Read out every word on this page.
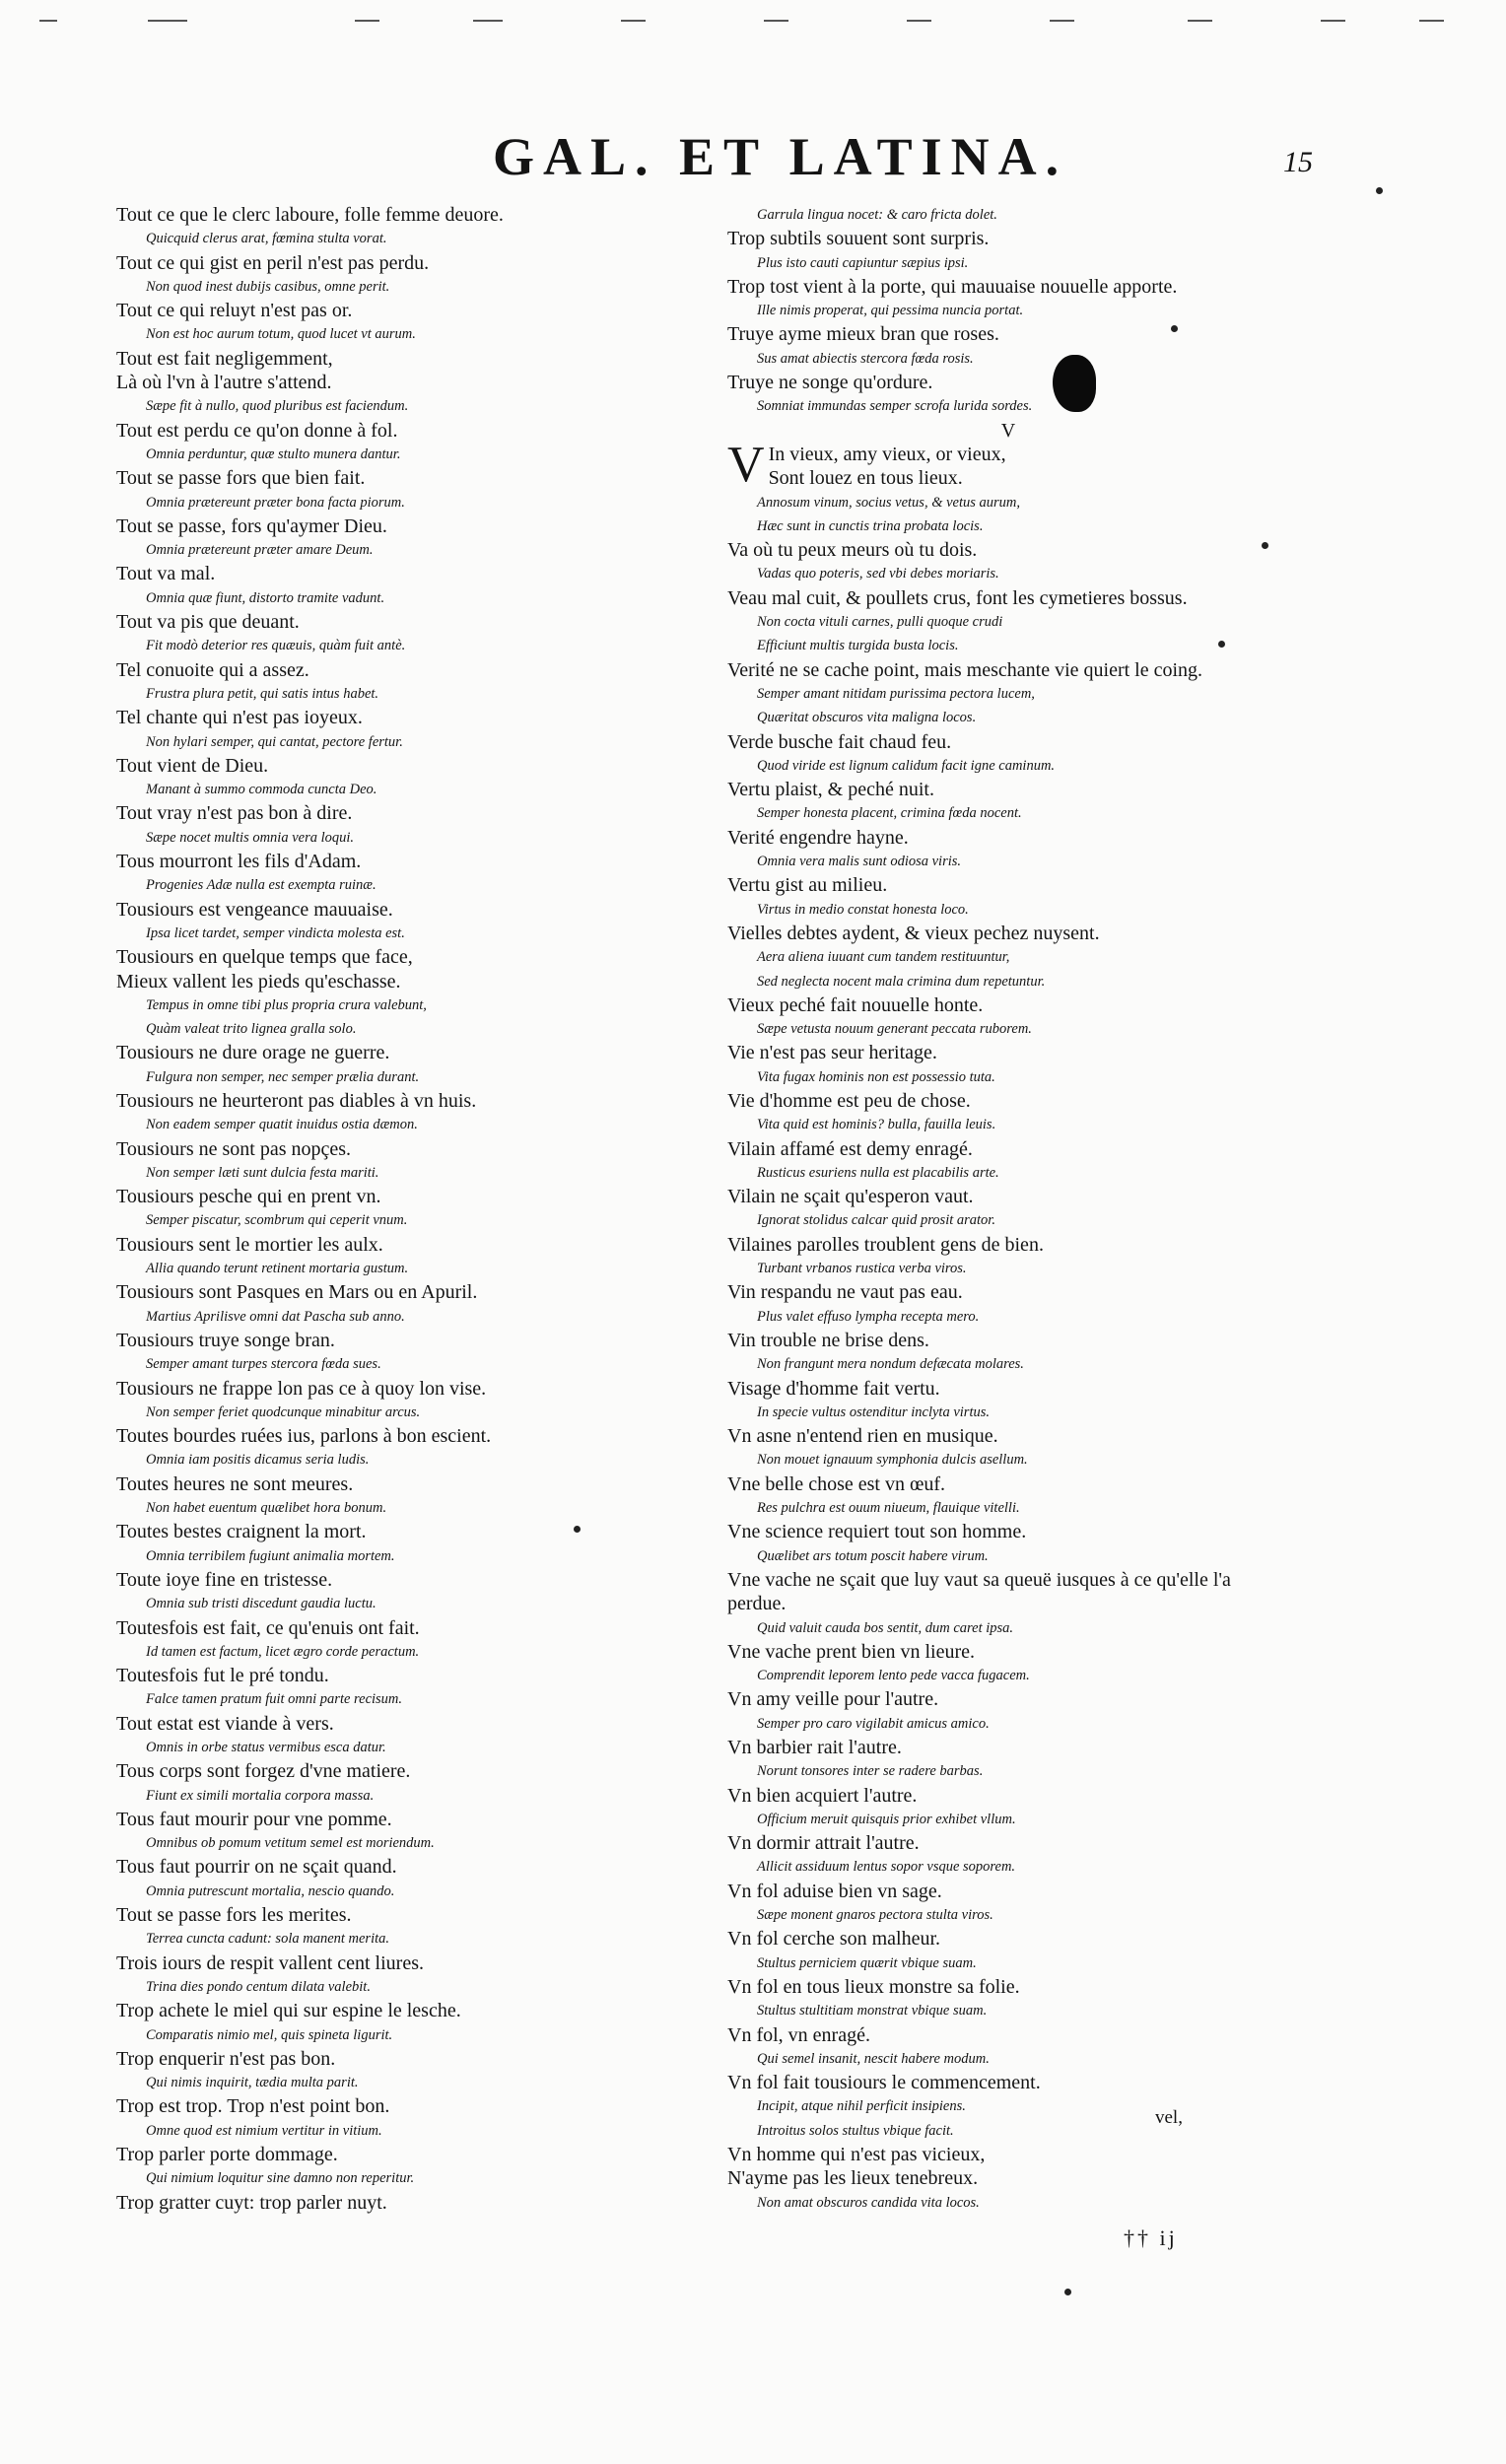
GAL. ET LATINA.	15
Tout ce que le clerc laboure, folle femme deuore.
Quicquid clerus arat, fœmina stulta vorat.
Tout ce qui gist en peril n'est pas perdu.
Non quod inest dubijs casibus, omne perit.
Tout ce qui reluyt n'est pas or.
Non est hoc aurum totum, quod lucet vt aurum.
Tout est fait negligemment,
Là où l'vn à l'autre s'attend.
Sæpe fit à nullo, quod pluribus est faciendum.
Tout est perdu ce qu'on donne à fol.
Omnia perduntur, quæ stulto munera dantur.
Tout se passe fors que bien fait.
Omnia prætereunt præter bona facta piorum.
Tout se passe, fors qu'aymer Dieu.
Omnia prætereunt præter amare Deum.
Tout va mal.
Omnia quæ fiunt, distorto tramite vadunt.
Tout va pis que deuant.
Fit modò deterior res quæuis, quàm fuit antè.
Tel conuoite qui a assez.
Frustra plura petit, qui satis intus habet.
Tel chante qui n'est pas ioyeux.
Non hylari semper, qui cantat, pectore fertur.
Tout vient de Dieu.
Manant à summo commoda cuncta Deo.
Tout vray n'est pas bon à dire.
Sæpe nocet multis omnia vera loqui.
Tous mourront les fils d'Adam.
Progenies Adæ nulla est exempta ruinæ.
Tousiours est vengeance mauuaise.
Ipsa licet tardet, semper vindicta molesta est.
Tousiours en quelque temps que face,
Mieux vallent les pieds qu'eschasse.
Tempus in omne tibi plus propria crura valebunt,
Quàm valeat trito lignea gralla solo.
Tousiours ne dure orage ne guerre.
Fulgura non semper, nec semper prælia durant.
Tousiours ne heurteront pas diables à vn huis.
Non eadem semper quatit inuidus ostia dæmon.
Tousiours ne sont pas nopçes.
Non semper læti sunt dulcia festa mariti.
Tousiours pesche qui en prent vn.
Semper piscatur, scombrum qui ceperit vnum.
Tousiours sent le mortier les aulx.
Allia quando terunt retinent mortaria gustum.
Tousiours sont Pasques en Mars ou en Apuril.
Martius Aprilisve omni dat Pascha sub anno.
Tousiours truye songe bran.
Semper amant turpes stercora fœda sues.
Tousiours ne frappe lon pas ce à quoy lon vise.
Non semper feriet quodcunque minabitur arcus.
Toutes bourdes ruées ius, parlons à bon escient.
Omnia iam positis dicamus seria ludis.
Toutes heures ne sont meures.
Non habet euentum quælibet hora bonum.
Toutes bestes craignent la mort.
Omnia terribilem fugiunt animalia mortem.
Toute ioye fine en tristesse.
Omnia sub tristi discedunt gaudia luctu.
Toutesfois est fait, ce qu'enuis ont fait.
Id tamen est factum, licet ægro corde peractum.
Toutesfois fut le pré tondu.
Falce tamen pratum fuit omni parte recisum.
Tout estat est viande à vers.
Omnis in orbe status vermibus esca datur.
Tous corps sont forgez d'vne matiere.
Fiunt ex simili mortalia corpora massa.
Tous faut mourir pour vne pomme.
Omnibus ob pomum vetitum semel est moriendum.
Tous faut pourrir on ne sçait quand.
Omnia putrescunt mortalia, nescio quando.
Tout se passe fors les merites.
Terrea cuncta cadunt: sola manent merita.
Trois iours de respit vallent cent liures.
Trina dies pondo centum dilata valebit.
Trop achete le miel qui sur espine le lesche.
Comparatis nimio mel, quis spineta ligurit.
Trop enquerir n'est pas bon.
Qui nimis inquirit, tædia multa parit.
Trop est trop. Trop n'est point bon.
Omne quod est nimium vertitur in vitium.
Trop parler porte dommage.
Qui nimium loquitur sine damno non reperitur.
Trop gratter cuyt: trop parler nuyt.
Garrula lingua nocet: & caro fricta dolet.
Trop subtils souuent sont surpris.
Plus isto cauti capiuntur sæpius ipsi.
Trop tost vient à la porte, qui mauuaise nouuelle apporte.
Ille nimis properat, qui pessima nuncia portat.
Truye ayme mieux bran que roses.
Sus amat abiectis stercora fœda rosis.
Truye ne songe qu'ordure.
Somniat immundas semper scrofa lurida sordes.
V
V In vieux, amy vieux, or vieux,
Sont louez en tous lieux.
Annosum vinum, socius vetus, & vetus aurum,
Hæc sunt in cunctis trina probata locis.
Va où tu peux meurs où tu dois.
Vadas quo poteris, sed vbi debes moriaris.
Veau mal cuit, & poullets crus, font les cymetieres bossus.
Non cocta vituli carnes, pulli quoque crudi
Efficiunt multis turgida busta locis.
Verité ne se cache point, mais meschante vie quiert le coing.
Semper amant nitidam purissima pectora lucem,
Quæritat obscuros vita maligna locos.
Verde busche fait chaud feu.
Quod viride est lignum calidum facit igne caminum.
Vertu plaist, & peché nuit.
Semper honesta placent, crimina fœda nocent.
Verité engendre hayne.
Omnia vera malis sunt odiosa viris.
Vertu gist au milieu.
Virtus in medio constat honesta loco.
Vielles debtes aydent, & vieux pechez nuysent.
Aera aliena iuuant cum tandem restituuntur,
Sed neglecta nocent mala crimina dum repetuntur.
Vieux peché fait nouuelle honte.
Sæpe vetusta nouum generant peccata ruborem.
Vie n'est pas seur heritage.
Vita fugax hominis non est possessio tuta.
Vie d'homme est peu de chose.
Vita quid est hominis? bulla, fauilla leuis.
Vilain affamé est demy enragé.
Rusticus esuriens nulla est placabilis arte.
Vilain ne sçait qu'esperon vaut.
Ignorat stolidus calcar quid prosit arator.
Vilaines parolles troublent gens de bien.
Turbant vrbanos rustica verba viros.
Vin respandu ne vaut pas eau.
Plus valet effuso lympha recepta mero.
Vin trouble ne brise dens.
Non frangunt mera nondum defæcata molares.
Visage d'homme fait vertu.
In specie vultus ostenditur inclyta virtus.
Vn asne n'entend rien en musique.
Non mouet ignauum symphonia dulcis asellum.
Vne belle chose est vn œuf.
Res pulchra est ouum niueum, flauique vitelli.
Vne science requiert tout son homme.
Quælibet ars totum poscit habere virum.
Vne vache ne sçait que luy vaut sa queuë iusques à ce qu'elle l'a perdue.
Quid valuit cauda bos sentit, dum caret ipsa.
Vne vache prent bien vn lieure.
Comprendit leporem lento pede vacca fugacem.
Vn amy veille pour l'autre.
Semper pro caro vigilabit amicus amico.
Vn barbier rait l'autre.
Norunt tonsores inter se radere barbas.
Vn bien acquiert l'autre.
Officium meruit quisquis prior exhibet vllum.
Vn dormir attrait l'autre.
Allicit assiduum lentus sopor vsque soporem.
Vn fol aduise bien vn sage.
Sæpe monent gnaros pectora stulta viros.
Vn fol cerche son malheur.
Stultus perniciem quærit vbique suam.
Vn fol en tous lieux monstre sa folie.
Stultus stultitiam monstrat vbique suam.
Vn fol, vn enragé.
Qui semel insanit, nescit habere modum.
Vn fol fait tousiours le commencement.
Incipit, atque nihil perficit insipiens.
Introitus solos stultus vbique facit.
Vn homme qui n'est pas vicieux,
N'ayme pas les lieux tenebreux.
Non amat obscuros candida vita locos.
vel,
†† ij
